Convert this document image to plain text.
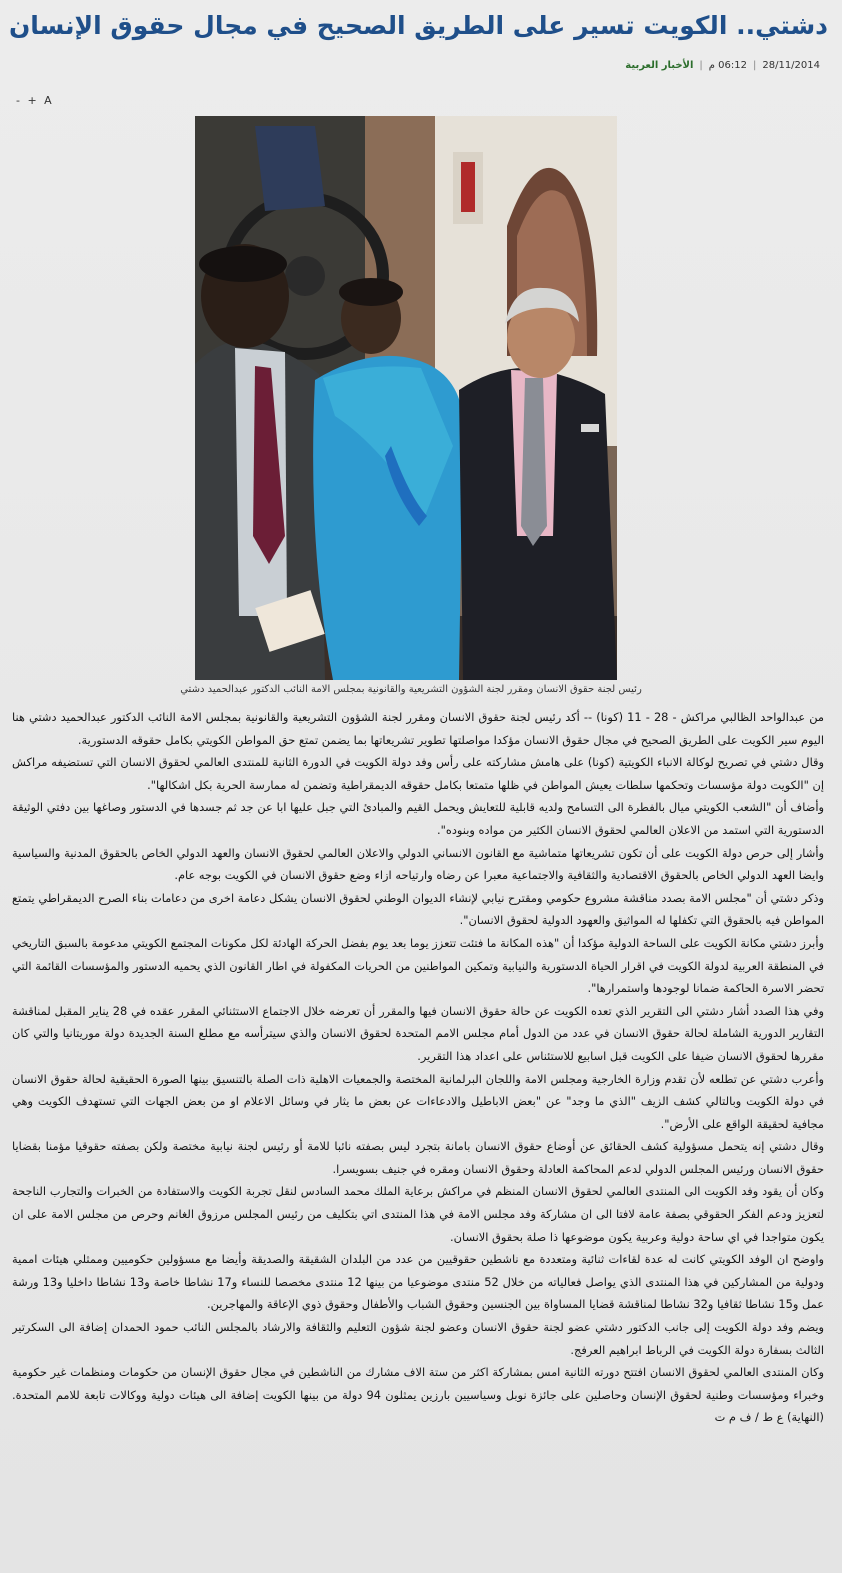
دشتي.. الكويت تسير على الطريق الصحيح في مجال حقوق الإنسان
28/11/2014|06:12 م|الأخبار العربية
- + A
رئيس لجنة حقوق الانسان ومقرر لجنة الشؤون التشريعية والقانونية بمجلس الامة النائب الدكتور عبدالحميد دشتي

من عبدالواحد الظالبي مراكش - 28 - 11 (كونا) -- أكد رئيس لجنة حقوق الانسان ومقرر لجنة الشؤون التشريعية والقانونية بمجلس الامة النائب الدكتور عبدالحميد دشتي هنا اليوم سير الكويت على الطريق الصحيح في مجال حقوق الانسان مؤكدا مواصلتها تطوير تشريعاتها بما يضمن تمتع حق المواطن الكويتي بكامل حقوقه الدستورية.

وقال دشتي في تصريح لوكالة الانباء الكويتية (كونا) على هامش مشاركته على رأس وفد دولة الكويت في الدورة الثانية للمنتدى العالمي لحقوق الانسان التي تستضيفه مراكش إن "الكويت دولة مؤسسات وتحكمها سلطات يعيش المواطن في ظلها متمتعا بكامل حقوقه الديمقراطية وتضمن له ممارسة الحرية بكل اشكالها".

وأضاف أن "الشعب الكويتي ميال بالفطرة الى التسامح ولديه قابلية للتعايش ويحمل القيم والمبادئ التي جبل عليها ابا عن جد ثم جسدها في الدستور وصاغها بين دفتي الوثيقة الدستورية التي استمد من الاعلان العالمي لحقوق الانسان الكثير من مواده وبنوده".

وأشار إلى حرص دولة الكويت على أن تكون تشريعاتها متماشية مع القانون الانساني الدولي والاعلان العالمي لحقوق الانسان والعهد الدولي الخاص بالحقوق المدنية والسياسية وايضا العهد الدولي الخاص بالحقوق الاقتصادية والثقافية والاجتماعية معبرا عن رضاه وارتياحه ازاء وضع حقوق الانسان في الكويت بوجه عام.

وذكر دشتي أن "مجلس الامة بصدد مناقشة مشروع حكومي ومقترح نيابي لإنشاء الديوان الوطني لحقوق الانسان يشكل دعامة اخرى من دعامات بناء الصرح الديمقراطي يتمتع المواطن فيه بالحقوق التي تكفلها له المواثيق والعهود الدولية لحقوق الانسان".

وأبرز دشتي مكانة الكويت على الساحة الدولية مؤكدا أن "هذه المكانة ما فتئت تتعزز يوما بعد يوم بفضل الحركة الهادئة لكل مكونات المجتمع الكويتي مدعومة بالسبق التاريخي في المنطقة العربية لدولة الكويت في اقرار الحياة الدستورية والنيابية وتمكين المواطنين من الحريات المكفولة في اطار القانون الذي يحميه الدستور والمؤسسات القائمة التي تحضر الاسرة الحاكمة ضمانا لوجودها واستمرارها".

وفي هذا الصدد أشار دشتي الى التقرير الذي تعده الكويت عن حالة حقوق الانسان فيها والمقرر أن تعرضه خلال الاجتماع الاستثنائي المقرر عقده في 28 يناير المقبل لمناقشة التقارير الدورية الشاملة لحالة حقوق الانسان في عدد من الدول أمام مجلس الامم المتحدة لحقوق الانسان والذي سيترأسه مع مطلع السنة الجديدة دولة موريتانيا والتي كان مقررها لحقوق الانسان ضيفا على الكويت قبل اسابيع للاستئناس على اعداد هذا التقرير.

وأعرب دشتي عن تطلعه لأن تقدم وزارة الخارجية ومجلس الامة واللجان البرلمانية المختصة والجمعيات الاهلية ذات الصلة بالتنسيق بينها الصورة الحقيقية لحالة حقوق الانسان في دولة الكويت وبالتالي كشف الزيف "الذي ما وجد" عن "بعض الاباطيل والادعاءات عن بعض ما يثار في وسائل الاعلام او من بعض الجهات التي تستهدف الكويت وهي مجافية لحقيقة الواقع على الأرض".

وقال دشتي إنه يتحمل مسؤولية كشف الحقائق عن أوضاع حقوق الانسان بامانة بتجرد ليس بصفته نائبا للامة أو رئيس لجنة نيابية مختصة ولكن بصفته حقوقيا مؤمنا بقضايا حقوق الانسان ورئيس المجلس الدولي لدعم المحاكمة العادلة وحقوق الانسان ومقره في جنيف بسويسرا.

وكان أن يقود وفد الكويت الى المنتدى العالمي لحقوق الانسان المنظم في مراكش برعاية الملك محمد السادس لنقل تجربة الكويت والاستفادة من الخبرات والتجارب الناجحة لتعزيز ودعم الفكر الحقوقي بصفة عامة لافتا الى ان مشاركة وفد مجلس الامة في هذا المنتدى اتي بتكليف من رئيس المجلس مرزوق الغانم وحرص من مجلس الامة على ان يكون متواجدا في اي ساحة دولية وعربية يكون موضوعها ذا صلة بحقوق الانسان.

واوضح ان الوفد الكويتي كانت له عدة لقاءات ثنائية ومتعددة مع ناشطين حقوقيين من عدد من البلدان الشقيقة والصديقة وأيضا مع مسؤولين حكوميين وممثلي هيئات اممية ودولية من المشاركين في هذا المنتدى الذي يواصل فعالياته من خلال 52 منتدى موضوعيا من بينها 12 منتدى مخصصا للنساء و17 نشاطا خاصة و13 نشاطا داخليا و13 ورشة عمل و15 نشاطا ثقافيا و32 نشاطا لمناقشة قضايا المساواة بين الجنسين وحقوق الشباب والأطفال وحقوق ذوي الإعاقة والمهاجرين.

ويضم وفد دولة الكويت إلى جانب الدكتور دشتي عضو لجنة حقوق الانسان وعضو لجنة شؤون التعليم والثقافة والارشاد بالمجلس النائب حمود الحمدان إضافة الى السكرتير الثالث بسفارة دولة الكويت في الرباط ابراهيم العرفج.

وكان المنتدى العالمي لحقوق الانسان افتتح دورته الثانية امس بمشاركة اكثر من ستة الاف مشارك من الناشطين في مجال حقوق الإنسان من حكومات ومنظمات غير حكومية وخبراء ومؤسسات وطنية لحقوق الإنسان وحاصلين على جائزة نوبل وسياسيين بارزين يمثلون 94 دولة من بينها الكويت إضافة الى هيئات دولية ووكالات تابعة للامم المتحدة. (النهاية) ع ط / ف م ت
